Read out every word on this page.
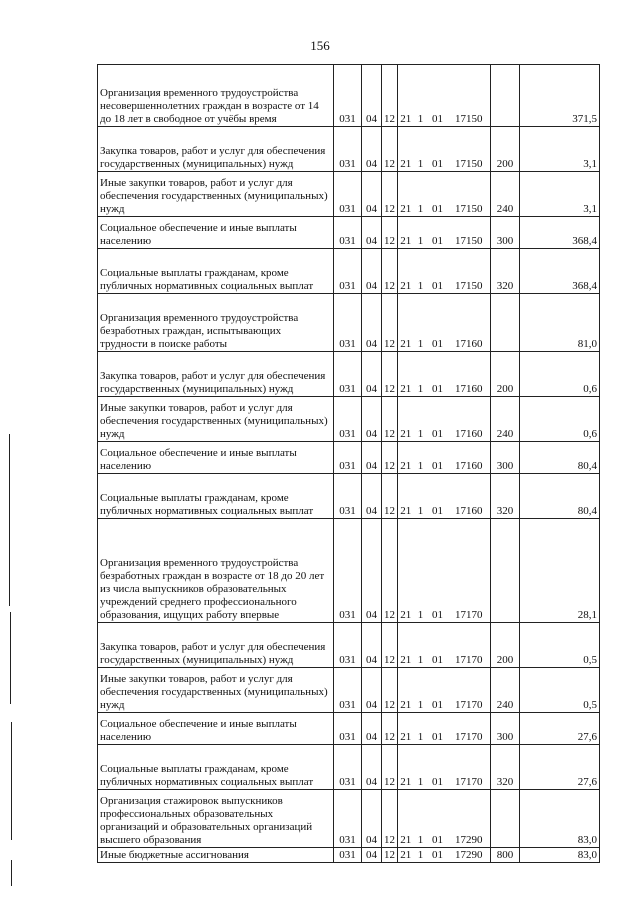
156
Организация временного трудоустройства несовершеннолетних граждан в возрасте от 14 до 18 лет в свободное от учёбы время	031	04	12	21	1	01	17150		371,5
Закупка товаров, работ и услуг для обеспечения государственных (муниципальных) нужд	031	04	12	21	1	01	17150	200	3,1
Иные закупки товаров, работ и услуг для обеспечения государственных (муниципальных) нужд	031	04	12	21	1	01	17150	240	3,1
Социальное обеспечение и иные выплаты населению	031	04	12	21	1	01	17150	300	368,4
Социальные выплаты гражданам, кроме публичных нормативных социальных выплат	031	04	12	21	1	01	17150	320	368,4
Организация временного трудоустройства безработных граждан, испытывающих трудности в поиске работы	031	04	12	21	1	01	17160		81,0
Закупка товаров, работ и услуг для обеспечения государственных (муниципальных) нужд	031	04	12	21	1	01	17160	200	0,6
Иные закупки товаров, работ и услуг для обеспечения государственных (муниципальных) нужд	031	04	12	21	1	01	17160	240	0,6
Социальное обеспечение и иные выплаты населению	031	04	12	21	1	01	17160	300	80,4
Социальные выплаты гражданам, кроме публичных нормативных социальных выплат	031	04	12	21	1	01	17160	320	80,4
Организация временного трудоустройства безработных граждан в возрасте от 18 до 20 лет из числа выпускников образовательных учреждений среднего профессионального образования, ищущих работу впервые	031	04	12	21	1	01	17170		28,1
Закупка товаров, работ и услуг для обеспечения государственных (муниципальных) нужд	031	04	12	21	1	01	17170	200	0,5
Иные закупки товаров, работ и услуг для обеспечения государственных (муниципальных) нужд	031	04	12	21	1	01	17170	240	0,5
Социальное обеспечение и иные выплаты населению	031	04	12	21	1	01	17170	300	27,6
Социальные выплаты гражданам, кроме публичных нормативных социальных выплат	031	04	12	21	1	01	17170	320	27,6
Организация стажировок выпускников профессиональных образовательных организаций и образовательных организаций высшего образования	031	04	12	21	1	01	17290		83,0
Иные бюджетные ассигнования	031	04	12	21	1	01	17290	800	83,0
